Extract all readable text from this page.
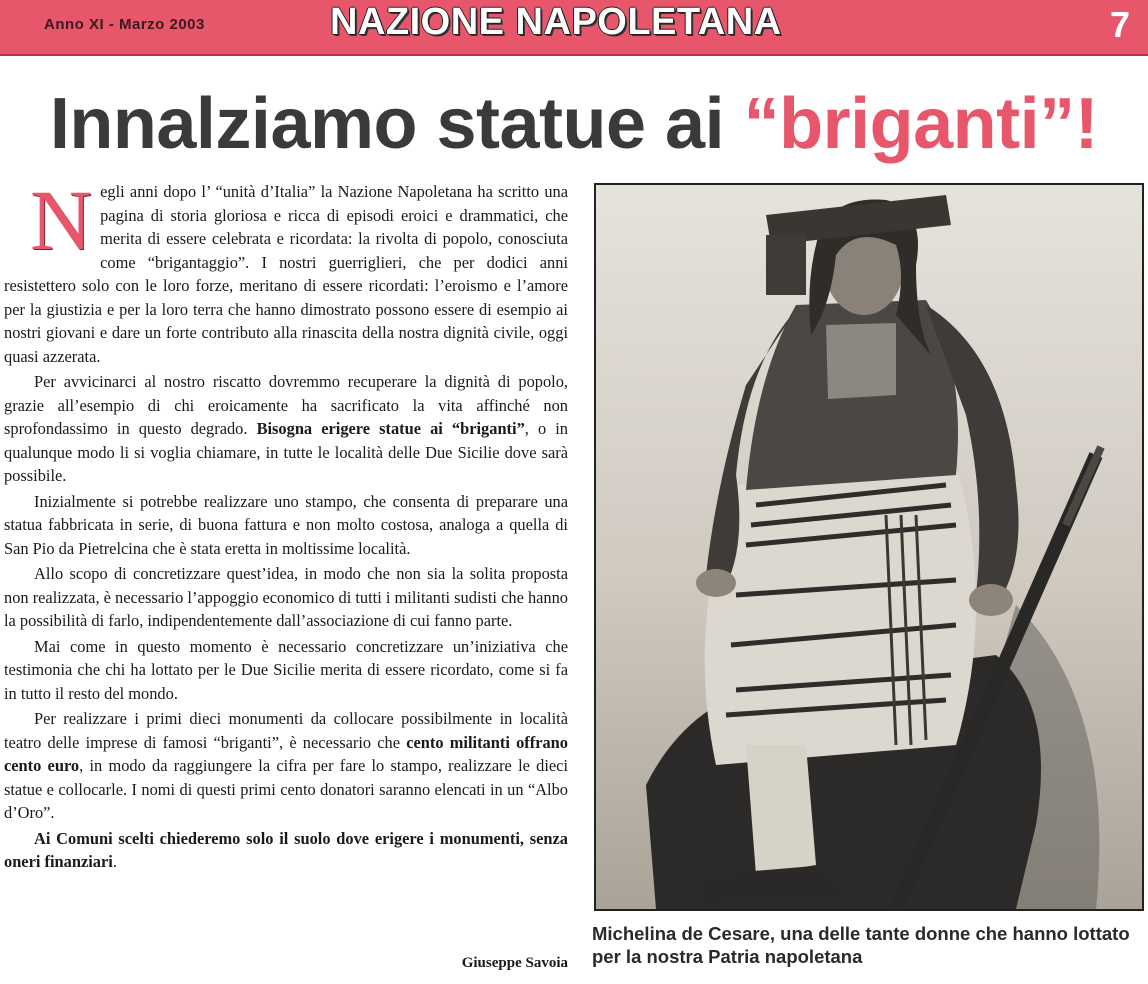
Anno XI - Marzo 2003	NAZIONE NAPOLETANA	7
Innalziamo statue ai “briganti”!

Negli anni dopo l’ “unità d’Italia” la Nazione Napoletana ha scritto una pagina di storia gloriosa e ricca di episodi eroici e drammatici, che merita di essere celebrata e ricordata: la rivolta di popolo, conosciuta come “brigantaggio”. I nostri guerriglieri, che per dodici anni resistettero solo con le loro forze, meritano di essere ricordati: l’eroismo e l’amore per la giustizia e per la loro terra che hanno dimostrato possono essere di esempio ai nostri giovani e dare un forte contributo alla rinascita della nostra dignità civile, oggi quasi azzerata.

Per avvicinarci al nostro riscatto dovremmo recuperare la dignità di popolo, grazie all’esempio di chi eroicamente ha sacrificato la vita affinché non sprofondassimo in questo degrado. Bisogna erigere statue ai “briganti”, o in qualunque modo li si voglia chiamare, in tutte le località delle Due Sicilie dove sarà possibile.

Inizialmente si potrebbe realizzare uno stampo, che consenta di preparare una statua fabbricata in serie, di buona fattura e non molto costosa, analoga a quella di San Pio da Pietrelcina che è stata eretta in moltissime località.

Allo scopo di concretizzare quest’idea, in modo che non sia la solita proposta non realizzata, è necessario l’appoggio economico di tutti i militanti sudisti che hanno la possibilità di farlo, indipendentemente dall’associazione di cui fanno parte.

Mai come in questo momento è necessario concretizzare un’iniziativa che testimonia che chi ha lottato per le Due Sicilie merita di essere ricordato, come si fa in tutto il resto del mondo.

Per realizzare i primi dieci monumenti da collocare possibilmente in località teatro delle imprese di famosi “briganti”, è necessario che cento militanti offrano cento euro, in modo da raggiungere la cifra per fare lo stampo, realizzare le dieci statue e collocarle. I nomi di questi primi cento donatori saranno elencati in un “Albo d’Oro”.

Ai Comuni scelti chiederemo solo il suolo dove erigere i monumenti, senza oneri finanziari.

Giuseppe Savoia
Michelina de Cesare, una delle tante donne che hanno lottato per la nostra Patria napoletana
